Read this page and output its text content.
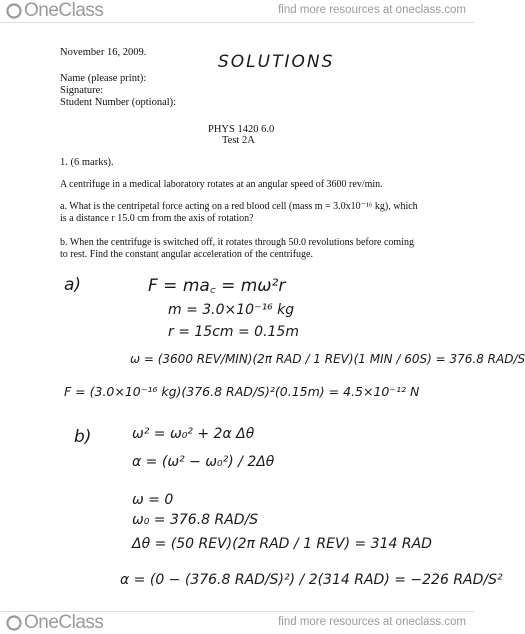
OneClass	find more resources at oneclass.com
November 16, 2009.	SOLUTIONS
Name (please print):
Signature:
Student Number (optional):
PHYS 1420 6.0
Test 2A
1. (6 marks).
A centrifuge in a medical laboratory rotates at an angular speed of 3600 rev/min.
a. What is the centripetal force acting on a red blood cell (mass m = 3.0x10⁻¹⁶ kg), which
is a distance r 15.0 cm from the axis of rotation?
b. When the centrifuge is switched off, it rotates through 50.0 revolutions before coming
to rest. Find the constant angular acceleration of the centrifuge.
a)	F = ma꜀ = mω²r
m = 3.0×10⁻¹⁶ kg
r = 15cm = 0.15m
ω = (3600 REV/MIN)(2π RAD / 1 REV)(1 MIN / 60S) = 376.8 RAD/S
F = (3.0×10⁻¹⁶ kg)(376.8 RAD/S)²(0.15m) = 4.5×10⁻¹² N
b)	ω² = ω₀² + 2α Δθ
α = (ω² − ω₀²) / 2Δθ
ω = 0
ω₀ = 376.8 RAD/S
Δθ = (50 REV)(2π RAD / 1 REV) = 314 RAD
α = (0 − (376.8 RAD/S)²) / 2(314 RAD) = −226 RAD/S²
OneClass	find more resources at oneclass.com
